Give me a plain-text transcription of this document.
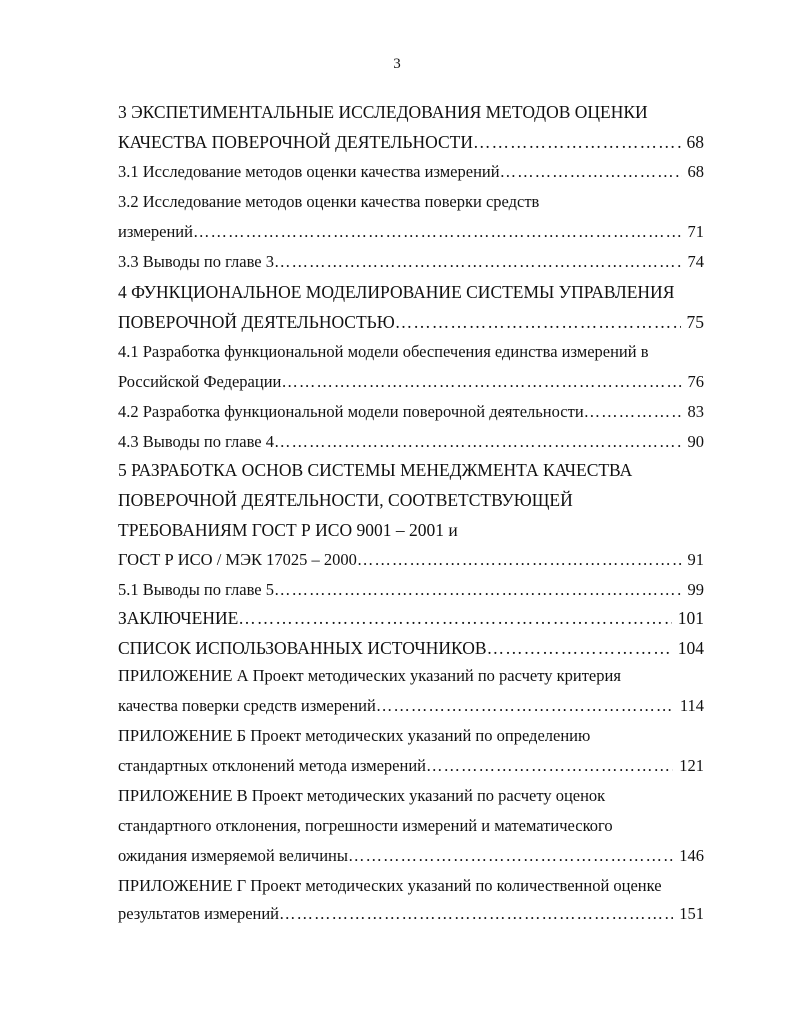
3
3 ЭКСПЕТИМЕНТАЛЬНЫЕ ИССЛЕДОВАНИЯ МЕТОДОВ ОЦЕНКИ
КАЧЕСТВА ПОВЕРОЧНОЙ ДЕЯТЕЛЬНОСТИ …………………………………………………………………………………………………………………………………………	68
3.1 Исследование методов оценки качества измерений …………………………………………………………………………………………………………………………………………	68
3.2 Исследование методов оценки качества поверки средств
измерений …………………………………………………………………………………………………………………………………………	71
3.3 Выводы по главе 3 …………………………………………………………………………………………………………………………………………	74
4 ФУНКЦИОНАЛЬНОЕ МОДЕЛИРОВАНИЕ СИСТЕМЫ УПРАВЛЕНИЯ
ПОВЕРОЧНОЙ ДЕЯТЕЛЬНОСТЬЮ …………………………………………………………………………………………………………………………………………	75
4.1 Разработка функциональной модели обеспечения единства измерений в
Российской Федерации …………………………………………………………………………………………………………………………………………	76
4.2 Разработка функциональной модели поверочной деятельности …………………………………………………………………………………………………………………………………………	83
4.3 Выводы по главе 4 …………………………………………………………………………………………………………………………………………	90
5 РАЗРАБОТКА ОСНОВ СИСТЕМЫ МЕНЕДЖМЕНТА КАЧЕСТВА
ПОВЕРОЧНОЙ ДЕЯТЕЛЬНОСТИ, СООТВЕТСТВУЮЩЕЙ
ТРЕБОВАНИЯМ ГОСТ Р ИСО 9001 – 2001 и
ГОСТ Р ИСО / МЭК 17025 – 2000 …………………………………………………………………………………………………………………………………………	91
5.1 Выводы по главе 5 …………………………………………………………………………………………………………………………………………	99
ЗАКЛЮЧЕНИЕ …………………………………………………………………………………………………………………………………………	101
СПИСОК ИСПОЛЬЗОВАННЫХ ИСТОЧНИКОВ …………………………………………………………………………………………………………………………………………	104
ПРИЛОЖЕНИЕ А Проект методических указаний по расчету критерия
качества поверки средств измерений …………………………………………………………………………………………………………………………………………	114
ПРИЛОЖЕНИЕ Б Проект методических указаний по определению
стандартных отклонений метода измерений …………………………………………………………………………………………………………………………………………	121
ПРИЛОЖЕНИЕ В Проект методических указаний по расчету оценок
стандартного отклонения, погрешности измерений и математического
ожидания измеряемой величины …………………………………………………………………………………………………………………………………………	146
ПРИЛОЖЕНИЕ Г Проект методических указаний по количественной оценке
результатов измерений …………………………………………………………………………………………………………………………………………	151
